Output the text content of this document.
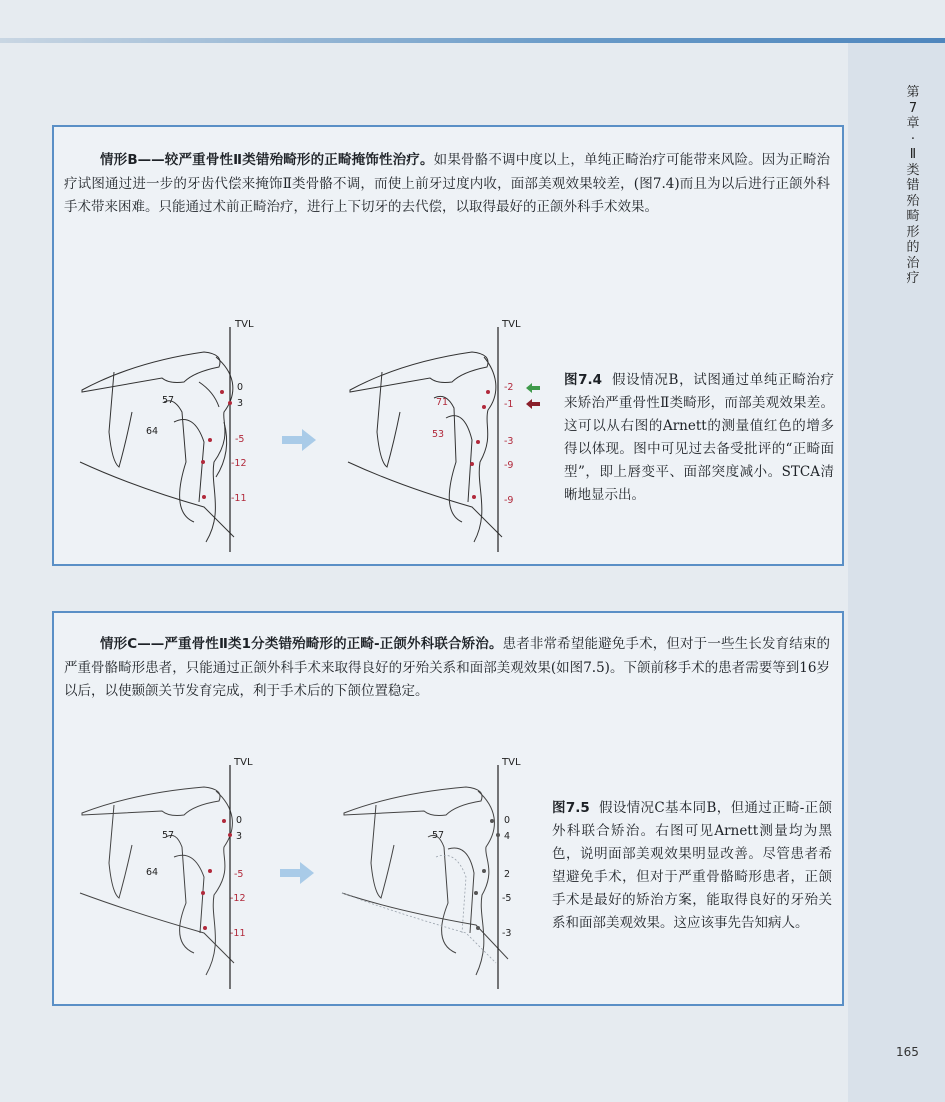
第
7
章
·
Ⅱ
类
错
殆
畸
形
的
治
疗
情形B——较严重骨性Ⅱ类错殆畸形的正畸掩饰性治疗。如果骨骼不调中度以上，单纯正畸治疗可能带来风险。因为正畸治疗试图通过进一步的牙齿代偿来掩饰Ⅱ类骨骼不调，而使上前牙过度内收，面部美观效果较差，(图7.4)而且为以后进行正颌外科手术带来困难。只能通过术前正畸治疗，进行上下切牙的去代偿，以取得最好的正颌外科手术效果。
TVL
57
64
0
3
-5
-12
-11
TVL
71
53
-2
-1
-3
-9
-9
图7.4 假设情况B，试图通过单纯正畸治疗来矫治严重骨性Ⅱ类畸形，而部美观效果差。这可以从右图的Arnett的测量值红色的增多得以体现。图中可见过去备受批评的“正畸面型”，即上唇变平、面部突度减小。STCA清晰地显示出。
情形C——严重骨性Ⅱ类1分类错殆畸形的正畸-正颌外科联合矫治。患者非常希望能避免手术，但对于一些生长发育结束的严重骨骼畸形患者，只能通过正颌外科手术来取得良好的牙殆关系和面部美观效果(如图7.5)。下颌前移手术的患者需要等到16岁以后，以使颞颌关节发育完成，利于手术后的下颌位置稳定。
TVL
57
64
0
3
-5
-12
-11
TVL
57
0
4
2
-5
-3
图7.5 假设情况C基本同B，但通过正畸-正颌外科联合矫治。右图可见Arnett测量均为黑色，说明面部美观效果明显改善。尽管患者希望避免手术，但对于严重骨骼畸形患者，正颌手术是最好的矫治方案，能取得良好的牙殆关系和面部美观效果。这应该事先告知病人。
165
